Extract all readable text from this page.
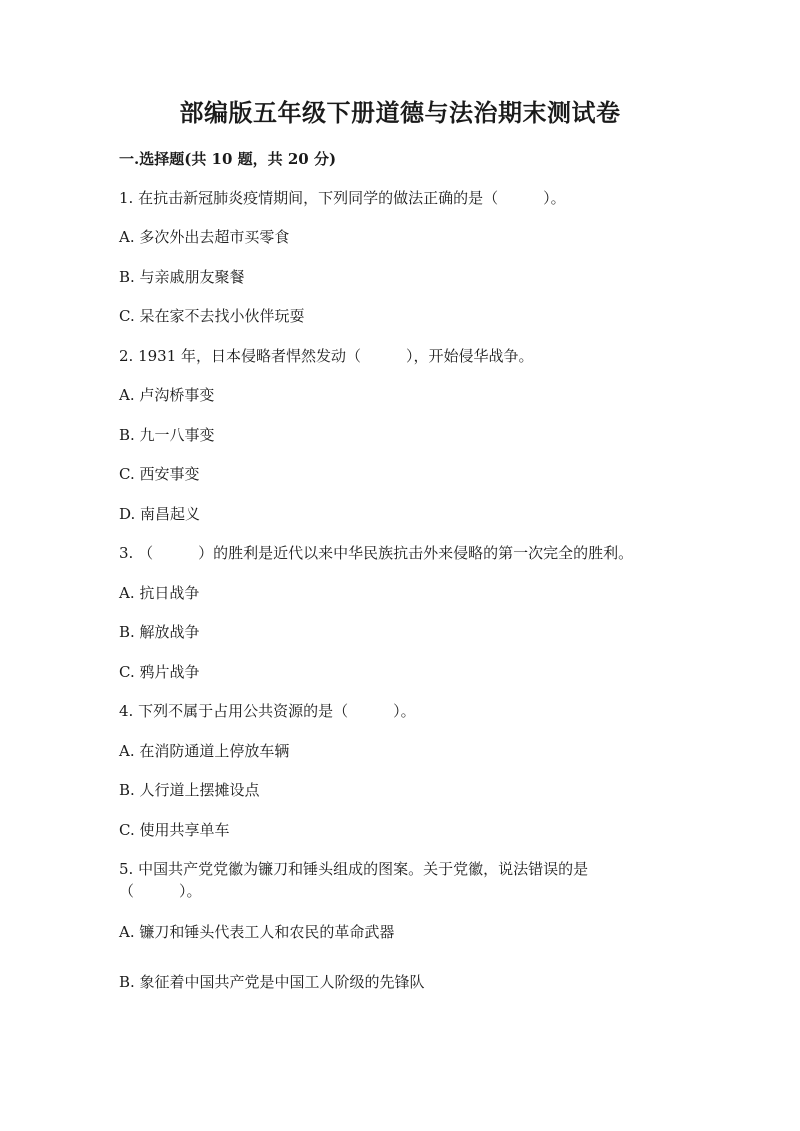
部编版五年级下册道德与法治期末测试卷
一.选择题(共 10 题，共 20 分)
1. 在抗击新冠肺炎疫情期间，下列同学的做法正确的是（　　　）。
A. 多次外出去超市买零食
B. 与亲戚朋友聚餐
C. 呆在家不去找小伙伴玩耍
2. 1931 年，日本侵略者悍然发动（　　　），开始侵华战争。
A. 卢沟桥事变
B. 九一八事变
C. 西安事变
D. 南昌起义
3. （　　　）的胜利是近代以来中华民族抗击外来侵略的第一次完全的胜利。
A. 抗日战争
B. 解放战争
C. 鸦片战争
4. 下列不属于占用公共资源的是（　　　）。
A. 在消防通道上停放车辆
B. 人行道上摆摊设点
C. 使用共享单车
5. 中国共产党党徽为镰刀和锤头组成的图案。关于党徽，说法错误的是（　　　）。
A. 镰刀和锤头代表工人和农民的革命武器
B. 象征着中国共产党是中国工人阶级的先锋队
